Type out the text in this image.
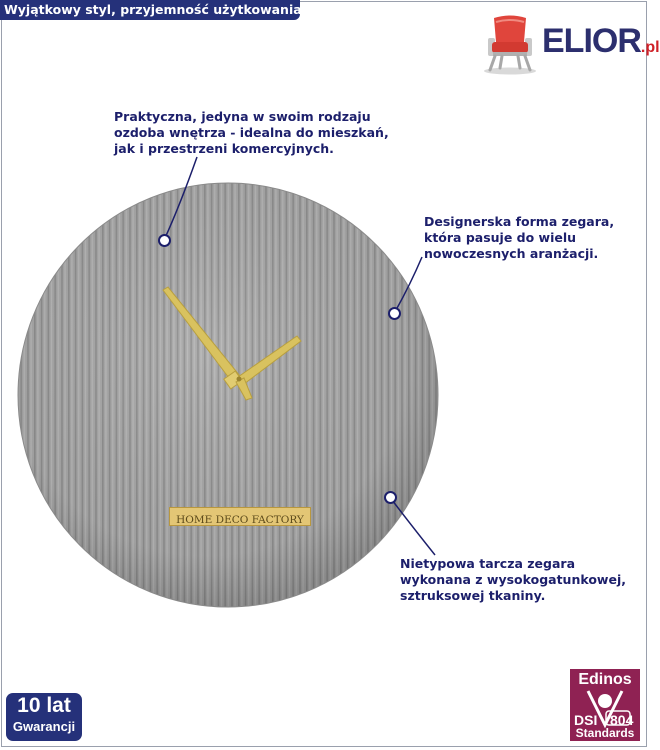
Wyjątkowy styl, przyjemność użytkowania!
ELIOR.pl
HOME DECO FACTORY
Praktyczna, jedyna w swoim rodzaju
ozdoba wnętrza - idealna do mieszkań,
jak i przestrzeni komercyjnych.
Designerska forma zegara,
która pasuje do wielu
nowoczesnych aranżacji.
Nietypowa tarcza zegara
wykonana z wysokogatunkowej,
sztruksowej tkaniny.
10 lat
Gwarancji
Edinos
DSI 804
Standards
